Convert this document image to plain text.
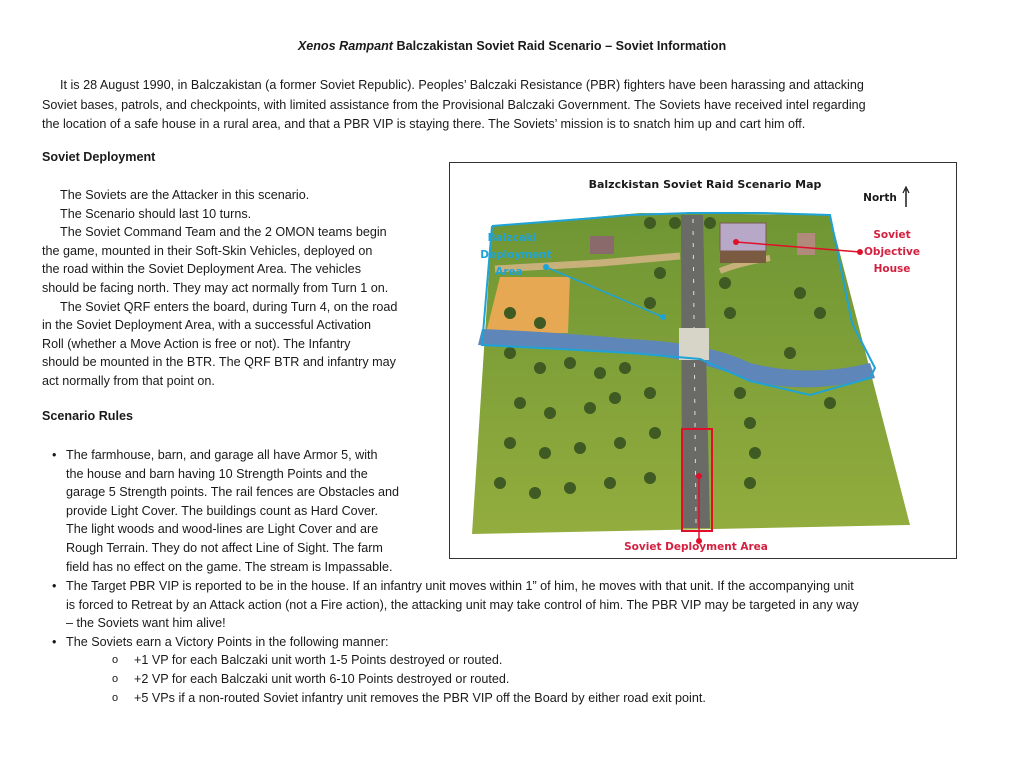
Xenos Rampant Balczakistan Soviet Raid Scenario – Soviet Information
It is 28 August 1990, in Balczakistan (a former Soviet Republic). Peoples’ Balczaki Resistance (PBR) fighters have been harassing and attacking
Soviet bases, patrols, and checkpoints, with limited assistance from the Provisional Balczaki Government. The Soviets have received intel regarding
the location of a safe house in a rural area, and that a PBR VIP is staying there. The Soviets’ mission is to snatch him up and cart him off.
Soviet Deployment
The Soviets are the Attacker in this scenario.
The Scenario should last 10 turns.
The Soviet Command Team and the 2 OMON teams begin
the game, mounted in their Soft-Skin Vehicles, deployed on
the road within the Soviet Deployment Area. The vehicles
should be facing north. They may act normally from Turn 1 on.
The Soviet QRF enters the board, during Turn 4, on the road
in the Soviet Deployment Area, with a successful Activation
Roll (whether a Move Action is free or not). The Infantry
should be mounted in the BTR. The QRF BTR and infantry may
act normally from that point on.
Scenario Rules
• The farmhouse, barn, and garage all have Armor 5, with
the house and barn having 10 Strength Points and the
garage 5 Strength points. The rail fences are Obstacles and
provide Light Cover. The buildings count as Hard Cover.
The light woods and wood-lines are Light Cover and are
Rough Terrain. They do not affect Line of Sight. The farm
field has no effect on the game. The stream is Impassable.
• The Target PBR VIP is reported to be in the house. If an infantry unit moves within 1” of him, he moves with that unit. If the accompanying unit
is forced to Retreat by an Attack action (not a Fire action), the attacking unit may take control of him. The PBR VIP may be targeted in any way
– the Soviets want him alive!
• The Soviets earn a Victory Points in the following manner:
o +1 VP for each Balczaki unit worth 1-5 Points destroyed or routed.
o +2 VP for each Balczaki unit worth 6-10 Points destroyed or routed.
o +5 VPs if a non-routed Soviet infantry unit removes the PBR VIP off the Board by either road exit point.
Balzckistan Soviet Raid Scenario Map
North
Balzcaki
Deployment
Area
Soviet
Objective
House
Soviet Deployment Area
